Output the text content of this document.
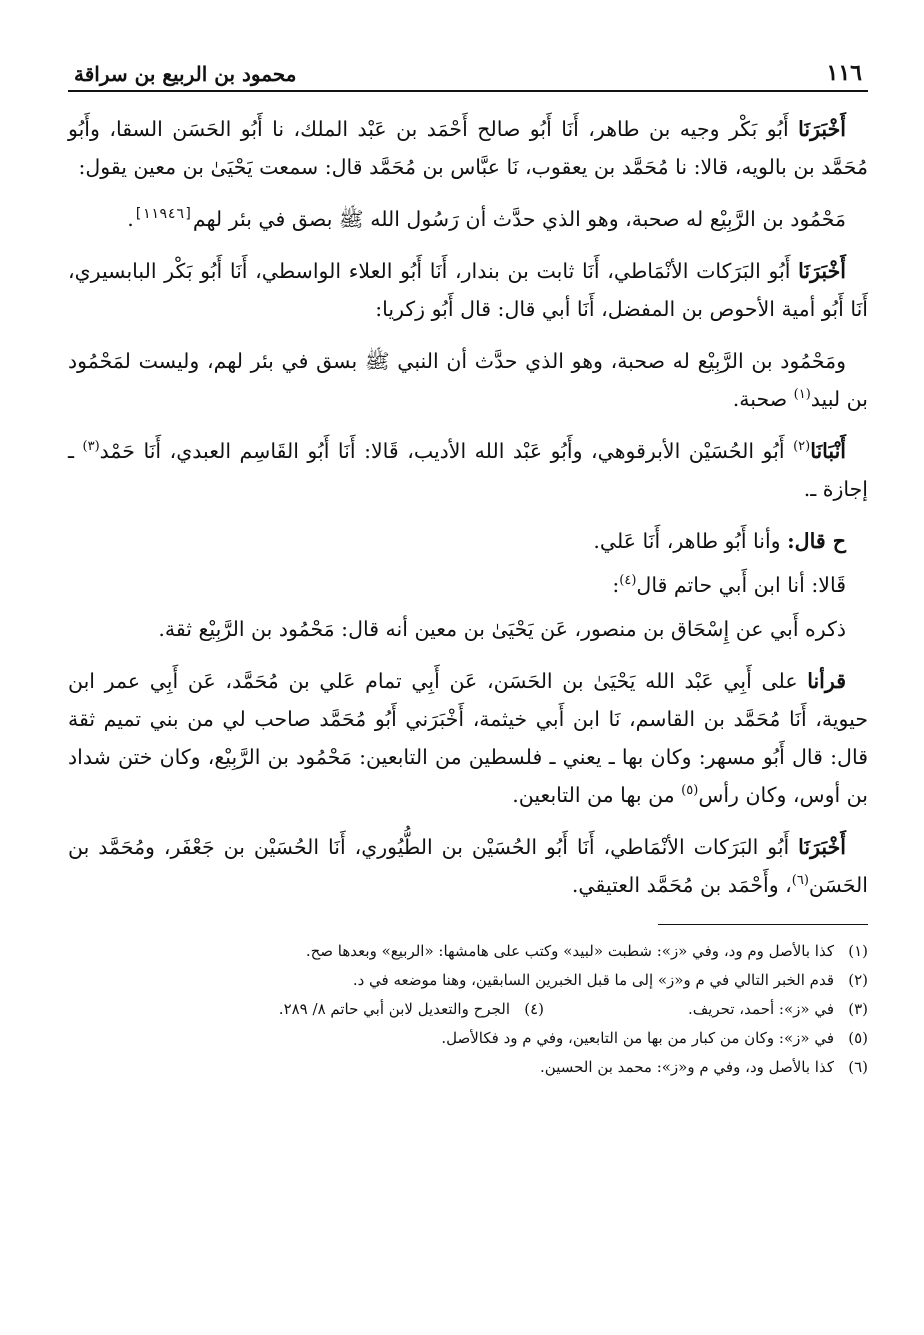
١١٦
محمود بن الربيع بن سراقة

أَخْبَرَنَا أَبُو بَكْر وجيه بن طاهر، أَنَا أَبُو صالح أَحْمَد بن عَبْد الملك، نا أَبُو الحَسَن السقا، وأَبُو مُحَمَّد بن بالويه، قالا: نا مُحَمَّد بن يعقوب، نَا عبَّاس بن مُحَمَّد قال: سمعت يَحْيَىٰ بن معين يقول:

مَحْمُود بن الرَّبِيْع له صحبة، وهو الذي حدَّث أن رَسُول الله ﷺ بصق في بئر لهم[١١٩٤٦].

أَخْبَرَنَا أَبُو البَرَكات الأنْمَاطي، أَنَا ثابت بن بندار، أَنَا أَبُو العلاء الواسطي، أَنَا أَبُو بَكْر البابسيري، أَنَا أَبُو أمية الأحوص بن المفضل، أَنَا أبي قال: قال أَبُو زكريا:

ومَحْمُود بن الرَّبِيْع له صحبة، وهو الذي حدَّث أن النبي ﷺ بسق في بئر لهم، وليست لمَحْمُود بن لبيد$^{(١)}$ صحبة.

أَنْبَانَا$^{(٢)}$ أَبُو الحُسَيْن الأبرقوهي، وأَبُو عَبْد الله الأديب، قَالا: أَنَا أَبُو القَاسِم العبدي، أَنَا حَمْد$^{(٣)}$ ـ إجازة ـ.

ح قال: وأنا أَبُو طاهر، أَنَا عَلي.

قَالا: أنا ابن أَبي حاتم قال$^{(٤)}$:

ذكره أَبي عن إِسْحَاق بن منصور، عَن يَحْيَىٰ بن معين أنه قال: مَحْمُود بن الرَّبِيْع ثقة.

قرأنا على أَبِي عَبْد الله يَحْيَىٰ بن الحَسَن، عَن أَبِي تمام عَلي بن مُحَمَّد، عَن أَبِي عمر ابن حيوية، أَنَا مُحَمَّد بن القاسم، نَا ابن أَبي خيثمة، أَخْبَرَني أَبُو مُحَمَّد صاحب لي من بني تميم ثقة قال: قال أَبُو مسهر: وكان بها ـ يعني ـ فلسطين من التابعين: مَحْمُود بن الرَّبِيْع، وكان ختن شداد بن أوس، وكان رأس$^{(٥)}$ من بها من التابعين.

أَخْبَرَنَا أَبُو البَرَكات الأنْمَاطي، أَنَا أَبُو الحُسَيْن بن الطُّيُوري، أَنَا الحُسَيْن بن جَعْفَر، ومُحَمَّد بن الحَسَن$^{(٦)}$، وأَحْمَد بن مُحَمَّد العتيقي.

(١)
كذا بالأصل وم ود، وفي «ز»: شطبت «لبيد» وكتب على هامشها: «الربيع» وبعدها صح.
(٢)
قدم الخبر التالي في م و«ز» إلى ما قبل الخبرين السابقين، وهنا موضعه في د.
(٣)
في «ز»: أحمد، تحريف.
(٤)
الجرح والتعديل لابن أبي حاتم ٨/ ٢٨٩.
(٥)
في «ز»: وكان من كبار من بها من التابعين، وفي م ود فكالأصل.
(٦)
كذا بالأصل ود، وفي م و«ز»: محمد بن الحسين.
